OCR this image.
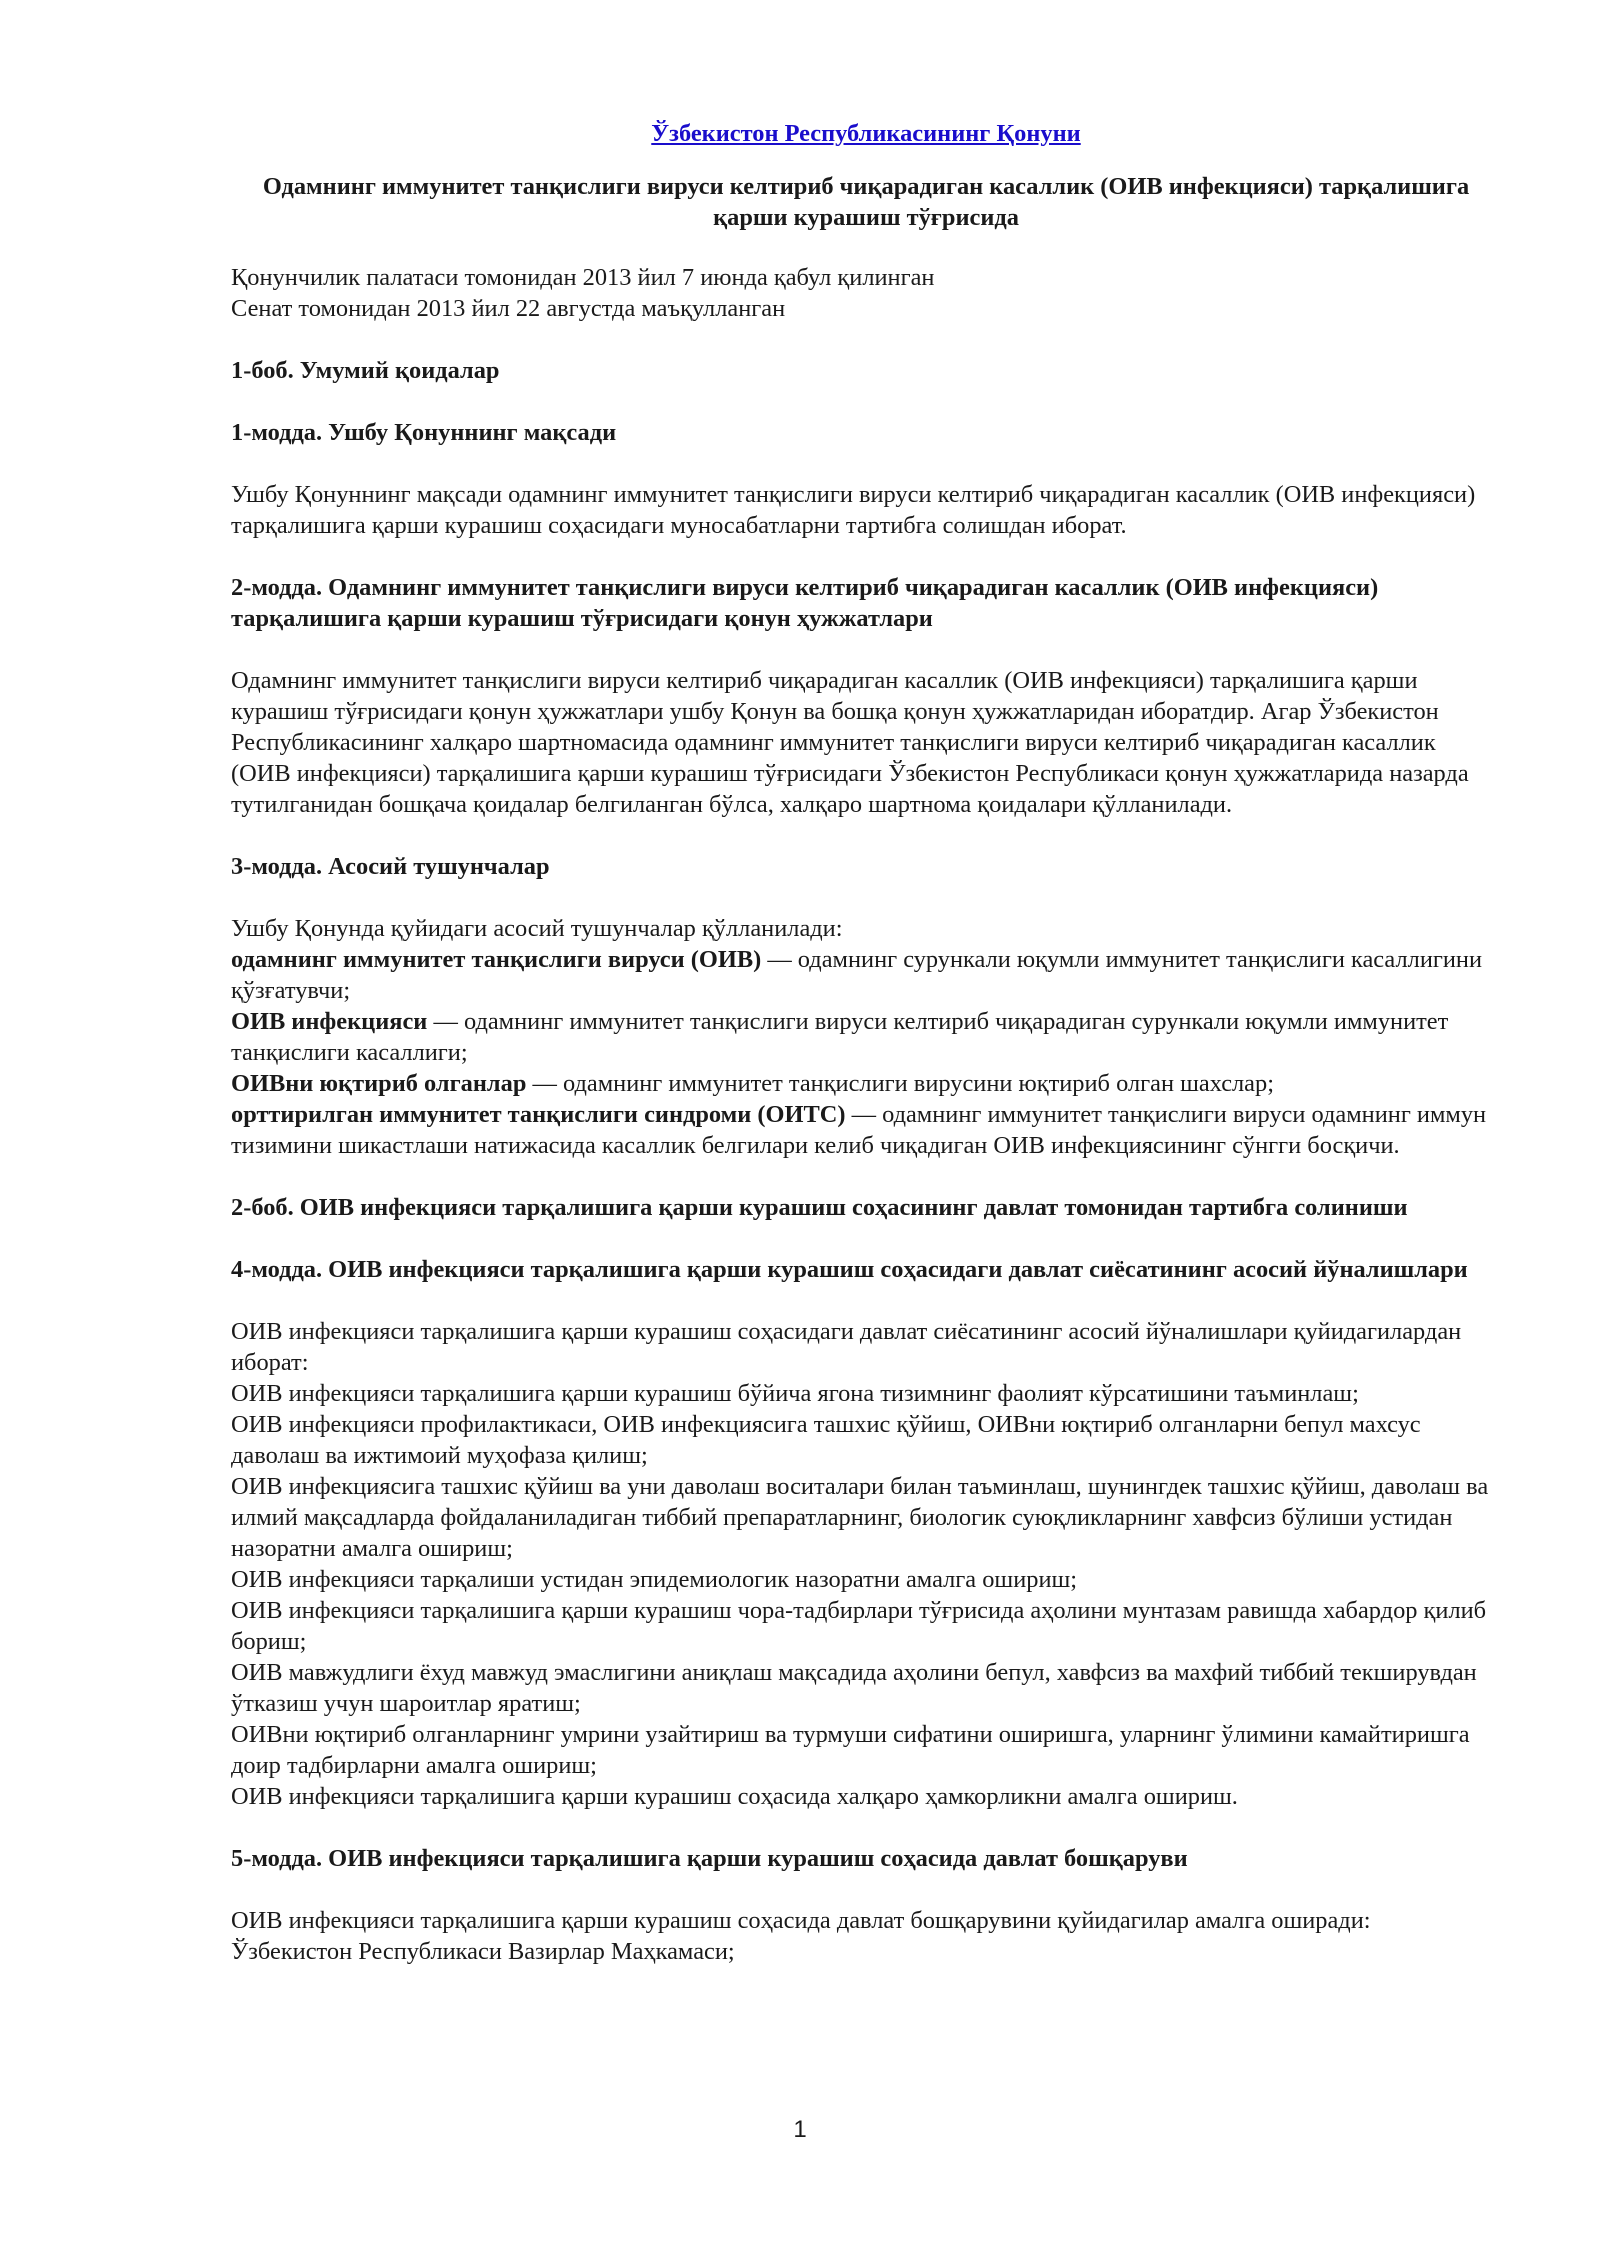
Ўзбекистон Республикасининг Қонуни
Одамнинг иммунитет танқислиги вируси келтириб чиқарадиган касаллик (ОИВ инфекцияси) тарқалишига қарши курашиш тўғрисида

Қонунчилик палатаси томонидан 2013 йил 7 июнда қабул қилинган

Сенат томонидан 2013 йил 22 августда маъқулланган

1-боб. Умумий қоидалар
1-модда. Ушбу Қонуннинг мақсади
Ушбу Қонуннинг мақсади одамнинг иммунитет танқислиги вируси келтириб чиқарадиган касаллик (ОИВ инфекцияси) тарқалишига қарши курашиш соҳасидаги муносабатларни тартибга солишдан иборат.
2-модда. Одамнинг иммунитет танқислиги вируси келтириб чиқарадиган касаллик (ОИВ инфекцияси) тарқалишига қарши курашиш тўғрисидаги қонун ҳужжатлари
Одамнинг иммунитет танқислиги вируси келтириб чиқарадиган касаллик (ОИВ инфекцияси) тарқалишига қарши курашиш тўғрисидаги қонун ҳужжатлари ушбу Қонун ва бошқа қонун ҳужжатларидан иборатдир. Агар Ўзбекистон Республикасининг халқаро шартномасида одамнинг иммунитет танқислиги вируси келтириб чиқарадиган касаллик (ОИВ инфекцияси) тарқалишига қарши курашиш тўғрисидаги Ўзбекистон Республикаси қонун ҳужжатларида назарда тутилганидан бошқача қоидалар белгиланган бўлса, халқаро шартнома қоидалари қўлланилади.
3-модда. Асосий тушунчалар

Ушбу Қонунда қуйидаги асосий тушунчалар қўлланилади:

одамнинг иммунитет танқислиги вируси (ОИВ) — одамнинг сурункали юқумли иммунитет танқислиги касаллигини қўзғатувчи;

ОИВ инфекцияси — одамнинг иммунитет танқислиги вируси келтириб чиқарадиган сурункали юқумли иммунитет танқислиги касаллиги;

ОИВни юқтириб олганлар — одамнинг иммунитет танқислиги вирусини юқтириб олган шахслар;

орттирилган иммунитет танқислиги синдроми (ОИТС) — одамнинг иммунитет танқислиги вируси одамнинг иммун тизимини шикастлаши натижасида касаллик белгилари келиб чиқадиган ОИВ инфекциясининг сўнгги босқичи.

2-боб. ОИВ инфекцияси тарқалишига қарши курашиш соҳасининг давлат томонидан тартибга солиниши
4-модда. ОИВ инфекцияси тарқалишига қарши курашиш соҳасидаги давлат сиёсатининг асосий йўналишлари

ОИВ инфекцияси тарқалишига қарши курашиш соҳасидаги давлат сиёсатининг асосий йўналишлари қуйидагилардан иборат:

ОИВ инфекцияси тарқалишига қарши курашиш бўйича ягона тизимнинг фаолият кўрсатишини таъминлаш;

ОИВ инфекцияси профилактикаси, ОИВ инфекциясига ташхис қўйиш, ОИВни юқтириб олганларни бепул махсус даволаш ва ижтимоий муҳофаза қилиш;

ОИВ инфекциясига ташхис қўйиш ва уни даволаш воситалари билан таъминлаш, шунингдек ташхис қўйиш, даволаш ва илмий мақсадларда фойдаланиладиган тиббий препаратларнинг, биологик суюқликларнинг хавфсиз бўлиши устидан назоратни амалга ошириш;

ОИВ инфекцияси тарқалиши устидан эпидемиологик назоратни амалга ошириш;

ОИВ инфекцияси тарқалишига қарши курашиш чора-тадбирлари тўғрисида аҳолини мунтазам равишда хабардор қилиб бориш;

ОИВ мавжудлиги ёхуд мавжуд эмаслигини аниқлаш мақсадида аҳолини бепул, хавфсиз ва махфий тиббий текширувдан ўтказиш учун шароитлар яратиш;

ОИВни юқтириб олганларнинг умрини узайтириш ва турмуши сифатини оширишга, уларнинг ўлимини камайтиришга доир тадбирларни амалга ошириш;

ОИВ инфекцияси тарқалишига қарши курашиш соҳасида халқаро ҳамкорликни амалга ошириш.

5-модда. ОИВ инфекцияси тарқалишига қарши курашиш соҳасида давлат бошқаруви

ОИВ инфекцияси тарқалишига қарши курашиш соҳасида давлат бошқарувини қуйидагилар амалга оширади:

Ўзбекистон Республикаси Вазирлар Маҳкамаси;

1
